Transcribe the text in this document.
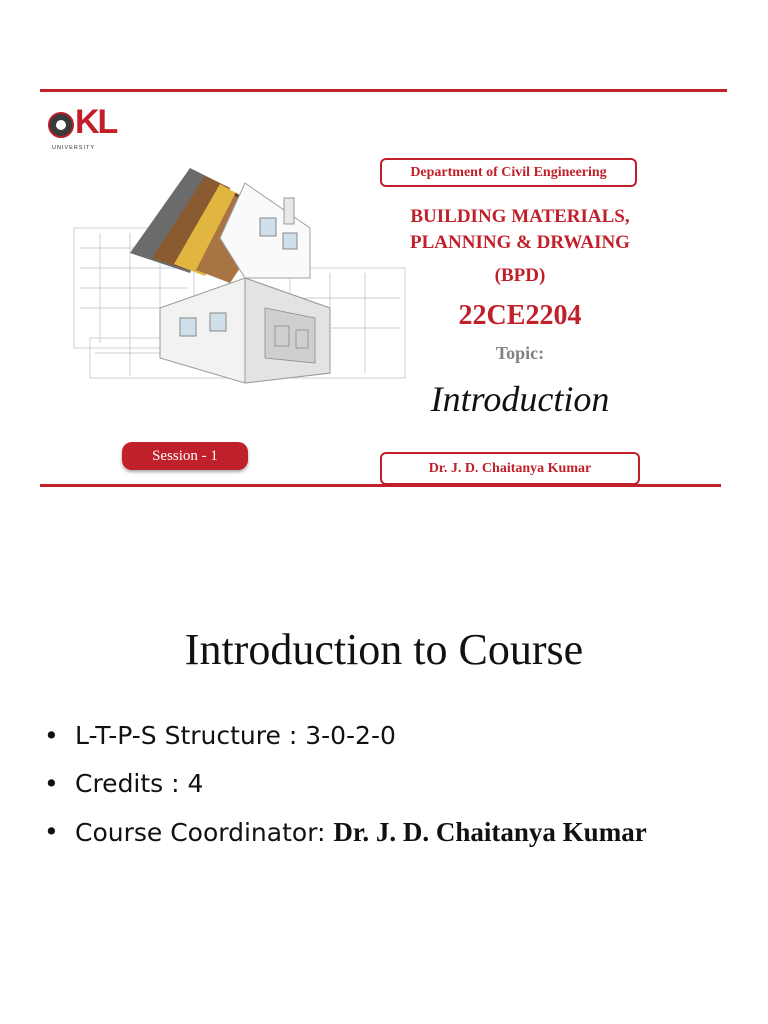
KL
UNIVERSITY
Department of Civil Engineering
BUILDING MATERIALS,
PLANNING & DRWAING
(BPD)
22CE2204
Topic:
Introduction
Session - 1
Dr. J. D. Chaitanya Kumar
Introduction to Course
• L-T-P-S Structure : 3-0-2-0
• Credits : 4
• Course Coordinator: Dr. J. D. Chaitanya Kumar
